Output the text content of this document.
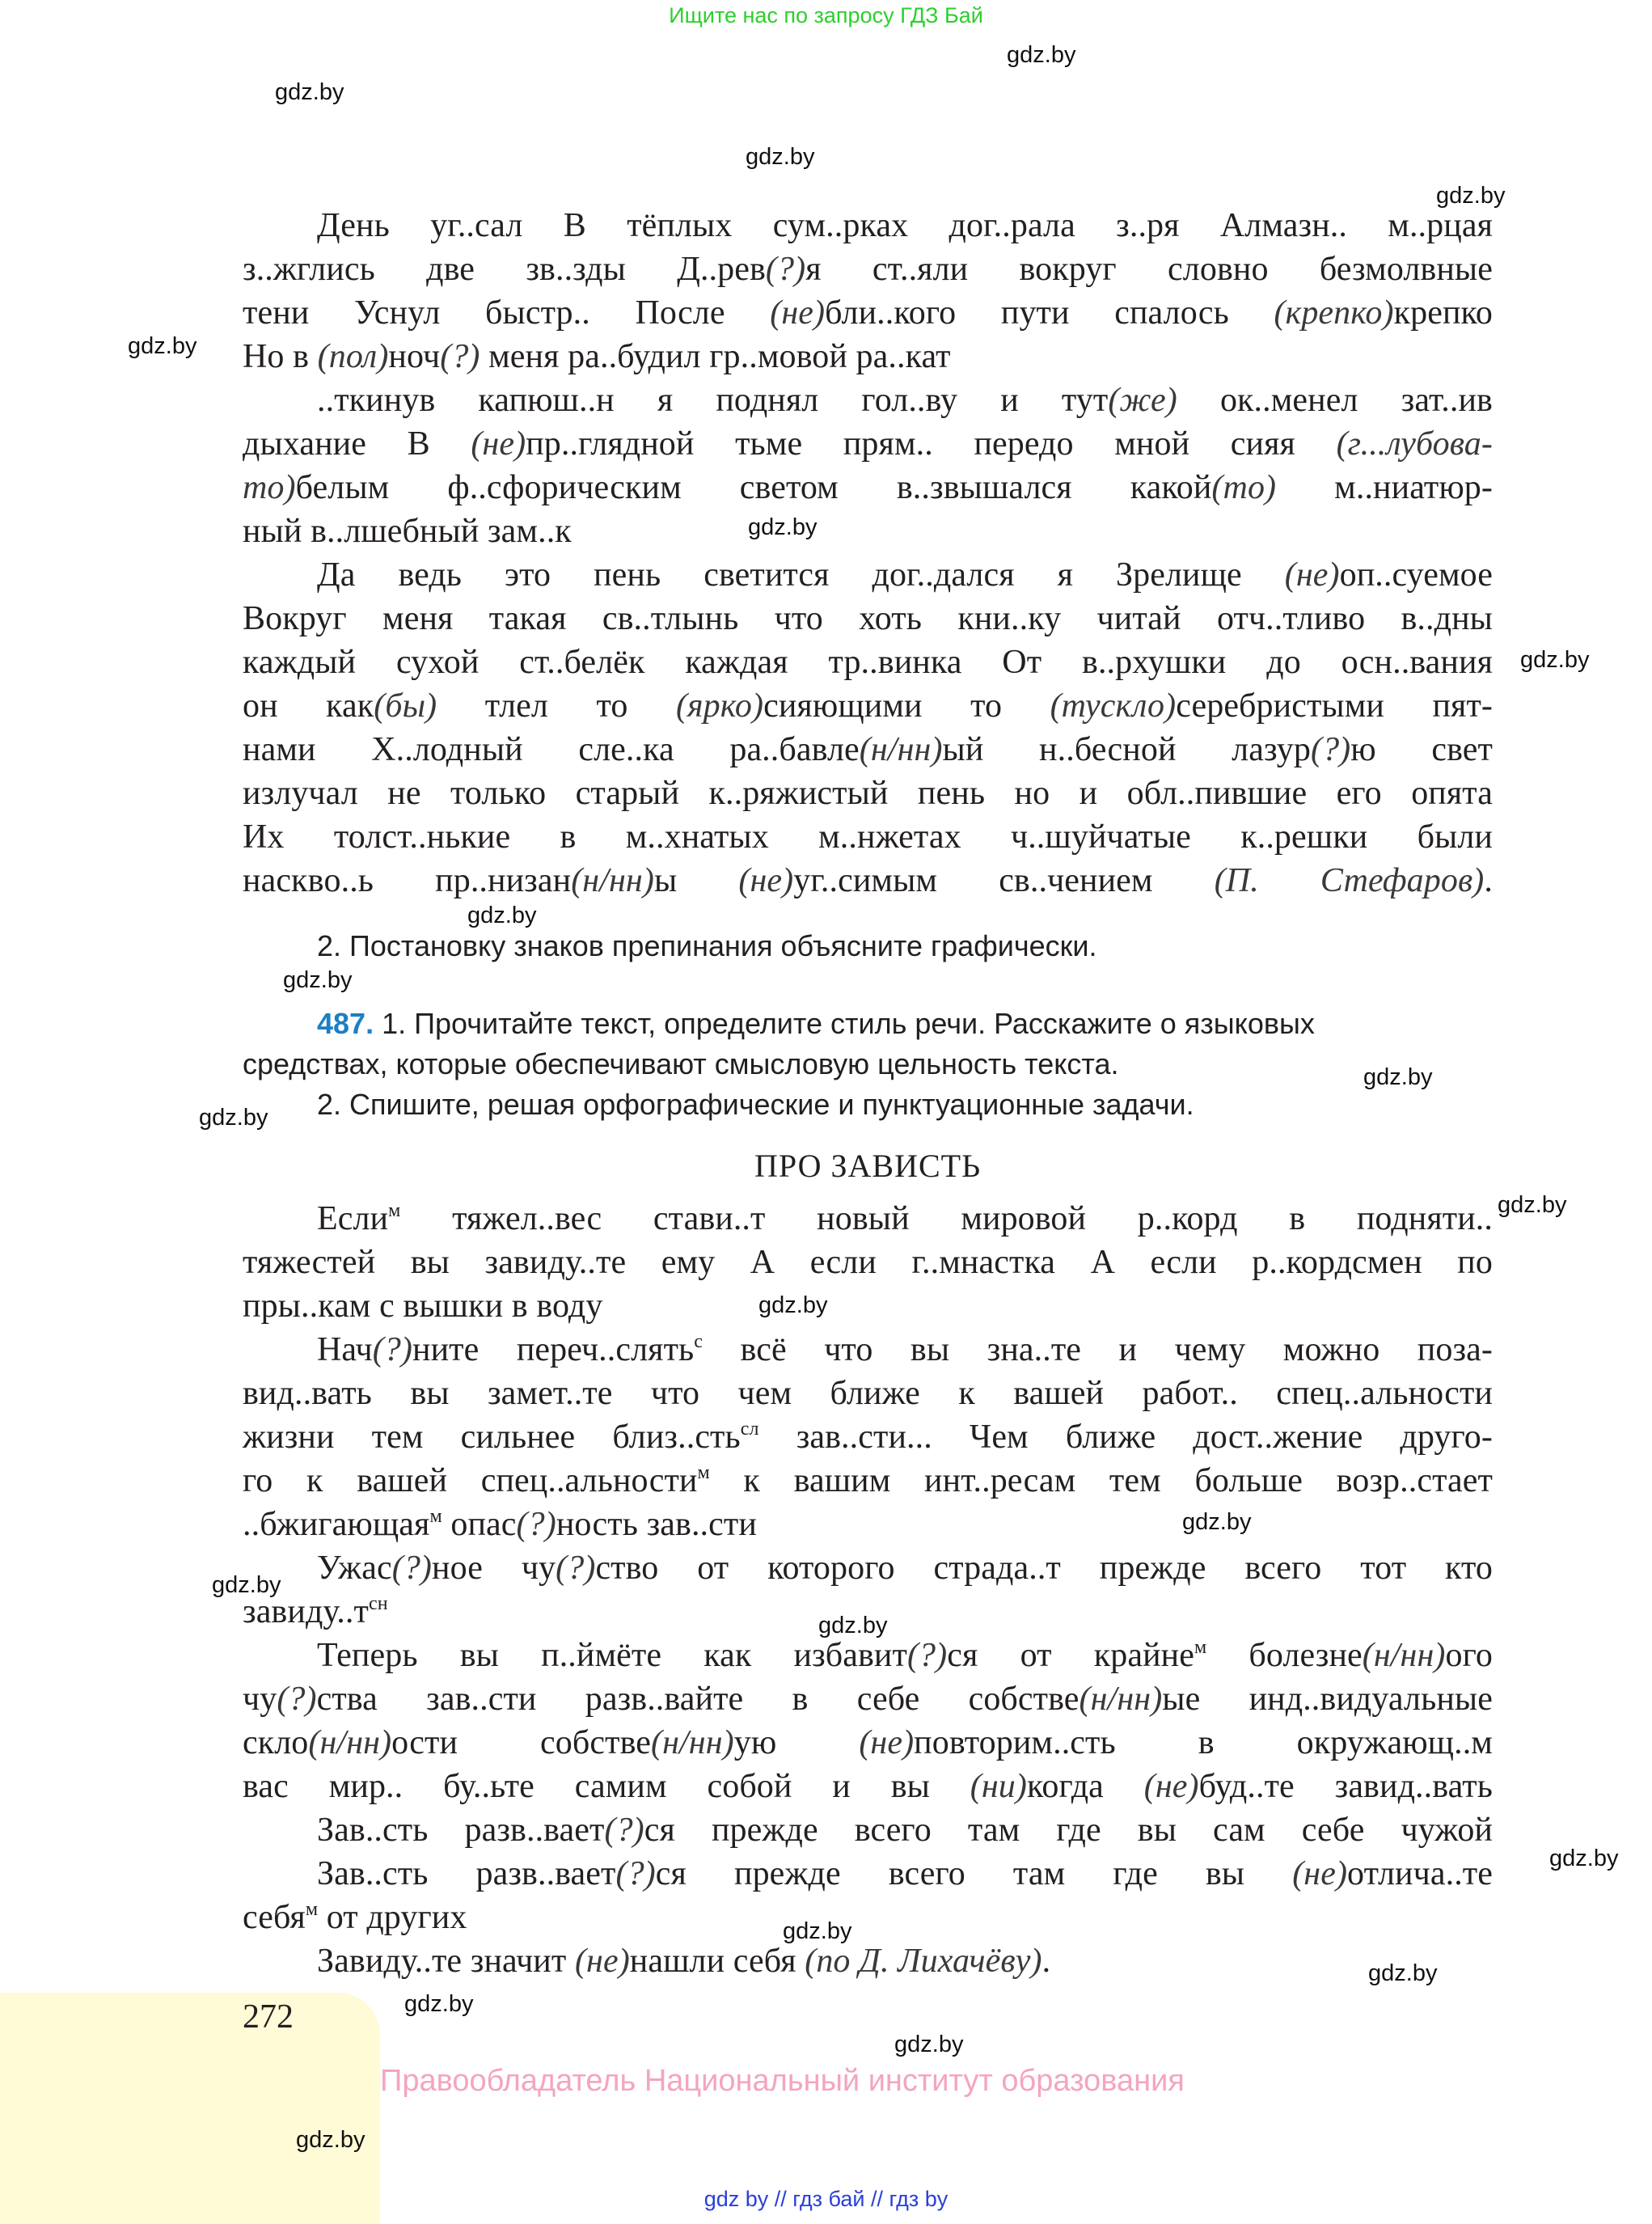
Ищите нас по запросу ГДЗ Бай
gdz.by
gdz.by
gdz.by
gdz.by
gdz.by
gdz.by
gdz.by
gdz.by
gdz.by
gdz.by
gdz.by
gdz.by
gdz.by
gdz.by
gdz.by
gdz.by
gdz.by
gdz.by
gdz.by
День уг..сал В тёплых сум..рках дог..рала з..ря Алмазн.. м..рцая
з..жглись две зв..зды Д..рев(?)я ст..яли вокруг словно безмолвные
тени Уснул быстр.. После (не)бли..кого пути спалось (крепко)крепко
Но в (пол)ноч(?) меня ра..будил гр..мовой ра..кат
..ткинув капюш..н я поднял гол..ву и тут(же) ок..менел зат..ив
дыхание В (не)пр..глядной тьме прям.. передо мной сияя (г...лубова-
то)белым ф..сфорическим светом в..звышался какой(то) м..ниатюр-
ный в..лшебный зам..к
Да ведь это пень светится дог..дался я Зрелище (не)оп..суемое
Вокруг меня такая св..тлынь что хоть кни..ку читай отч..тливо в..дны
каждый сухой ст..белёк каждая тр..винка От в..рхушки до осн..вания
он как(бы) тлел то (ярко)сияющими то (тускло)серебристыми пят-
нами Х..лодный сле..ка ра..бавле(н/нн)ый н..бесной лазур(?)ю свет
излучал не только старый к..ряжистый пень но и обл..пившие его опята
Их толст..нькие в м..хнатых м..нжетах ч..шуйчатые к..решки были
насквo..ь пр..низан(н/нн)ы (не)уг..симым св..чением (П. Стефаров).
2. Постановку знаков препинания объясните графически.
487. 1. Прочитайте текст, определите стиль речи. Расскажите о языковых
средствах, которые обеспечивают смысловую цельность текста.
2. Спишите, решая орфографические и пунктуационные задачи.
ПРО ЗАВИСТЬ
Если$^м$ тяжел..вес стави..т новый мировой р..корд в подняти..
тяжестей вы завиду..те ему А если г..мнастка А если р..кордсмен по
пры..кам с вышки в воду
Нач(?)ните переч..слять$^с$ всё что вы зна..те и чему можно поза-
вид..вать вы замет..те что чем ближе к вашей работ.. спец..альности
жизни тем сильнее близ..сть$^{сл}$ зав..сти... Чем ближе дост..жение друго-
го к вашей спец..альности$^м$ к вашим инт..ресам тем больше возр..стает
..бжигающая$^м$ опас(?)ность зав..сти
Ужас(?)ное чу(?)ство от которого страда..т прежде всего тот кто
$завиду..т^{сн}$
Теперь вы п..ймёте как избавит(?)ся от крайне$^м$ болезне(н/нн)ого
чу(?)ства зав..сти разв..вайте в себе собстве(н/нн)ые инд..видуальные
скло(н/нн)ости собстве(н/нн)ую (не)повторим..сть в окружающ..м
вас мир.. бу..ьте самим собой и вы (ни)когда (не)буд..те завид..вать
Зав..сть разв..вает(?)ся прежде всего там где вы сам себе чужой
Зав..сть разв..вает(?)ся прежде всего там где вы (не)отлича..те
себя$^м$ от других
Завиду..те значит (не)нашли себя (по Д. Лихачёву).
272	gdz.by
gdz.by
Правообладатель Национальный институт образования
gdz.by
gdz by // гдз бай // гдз by
